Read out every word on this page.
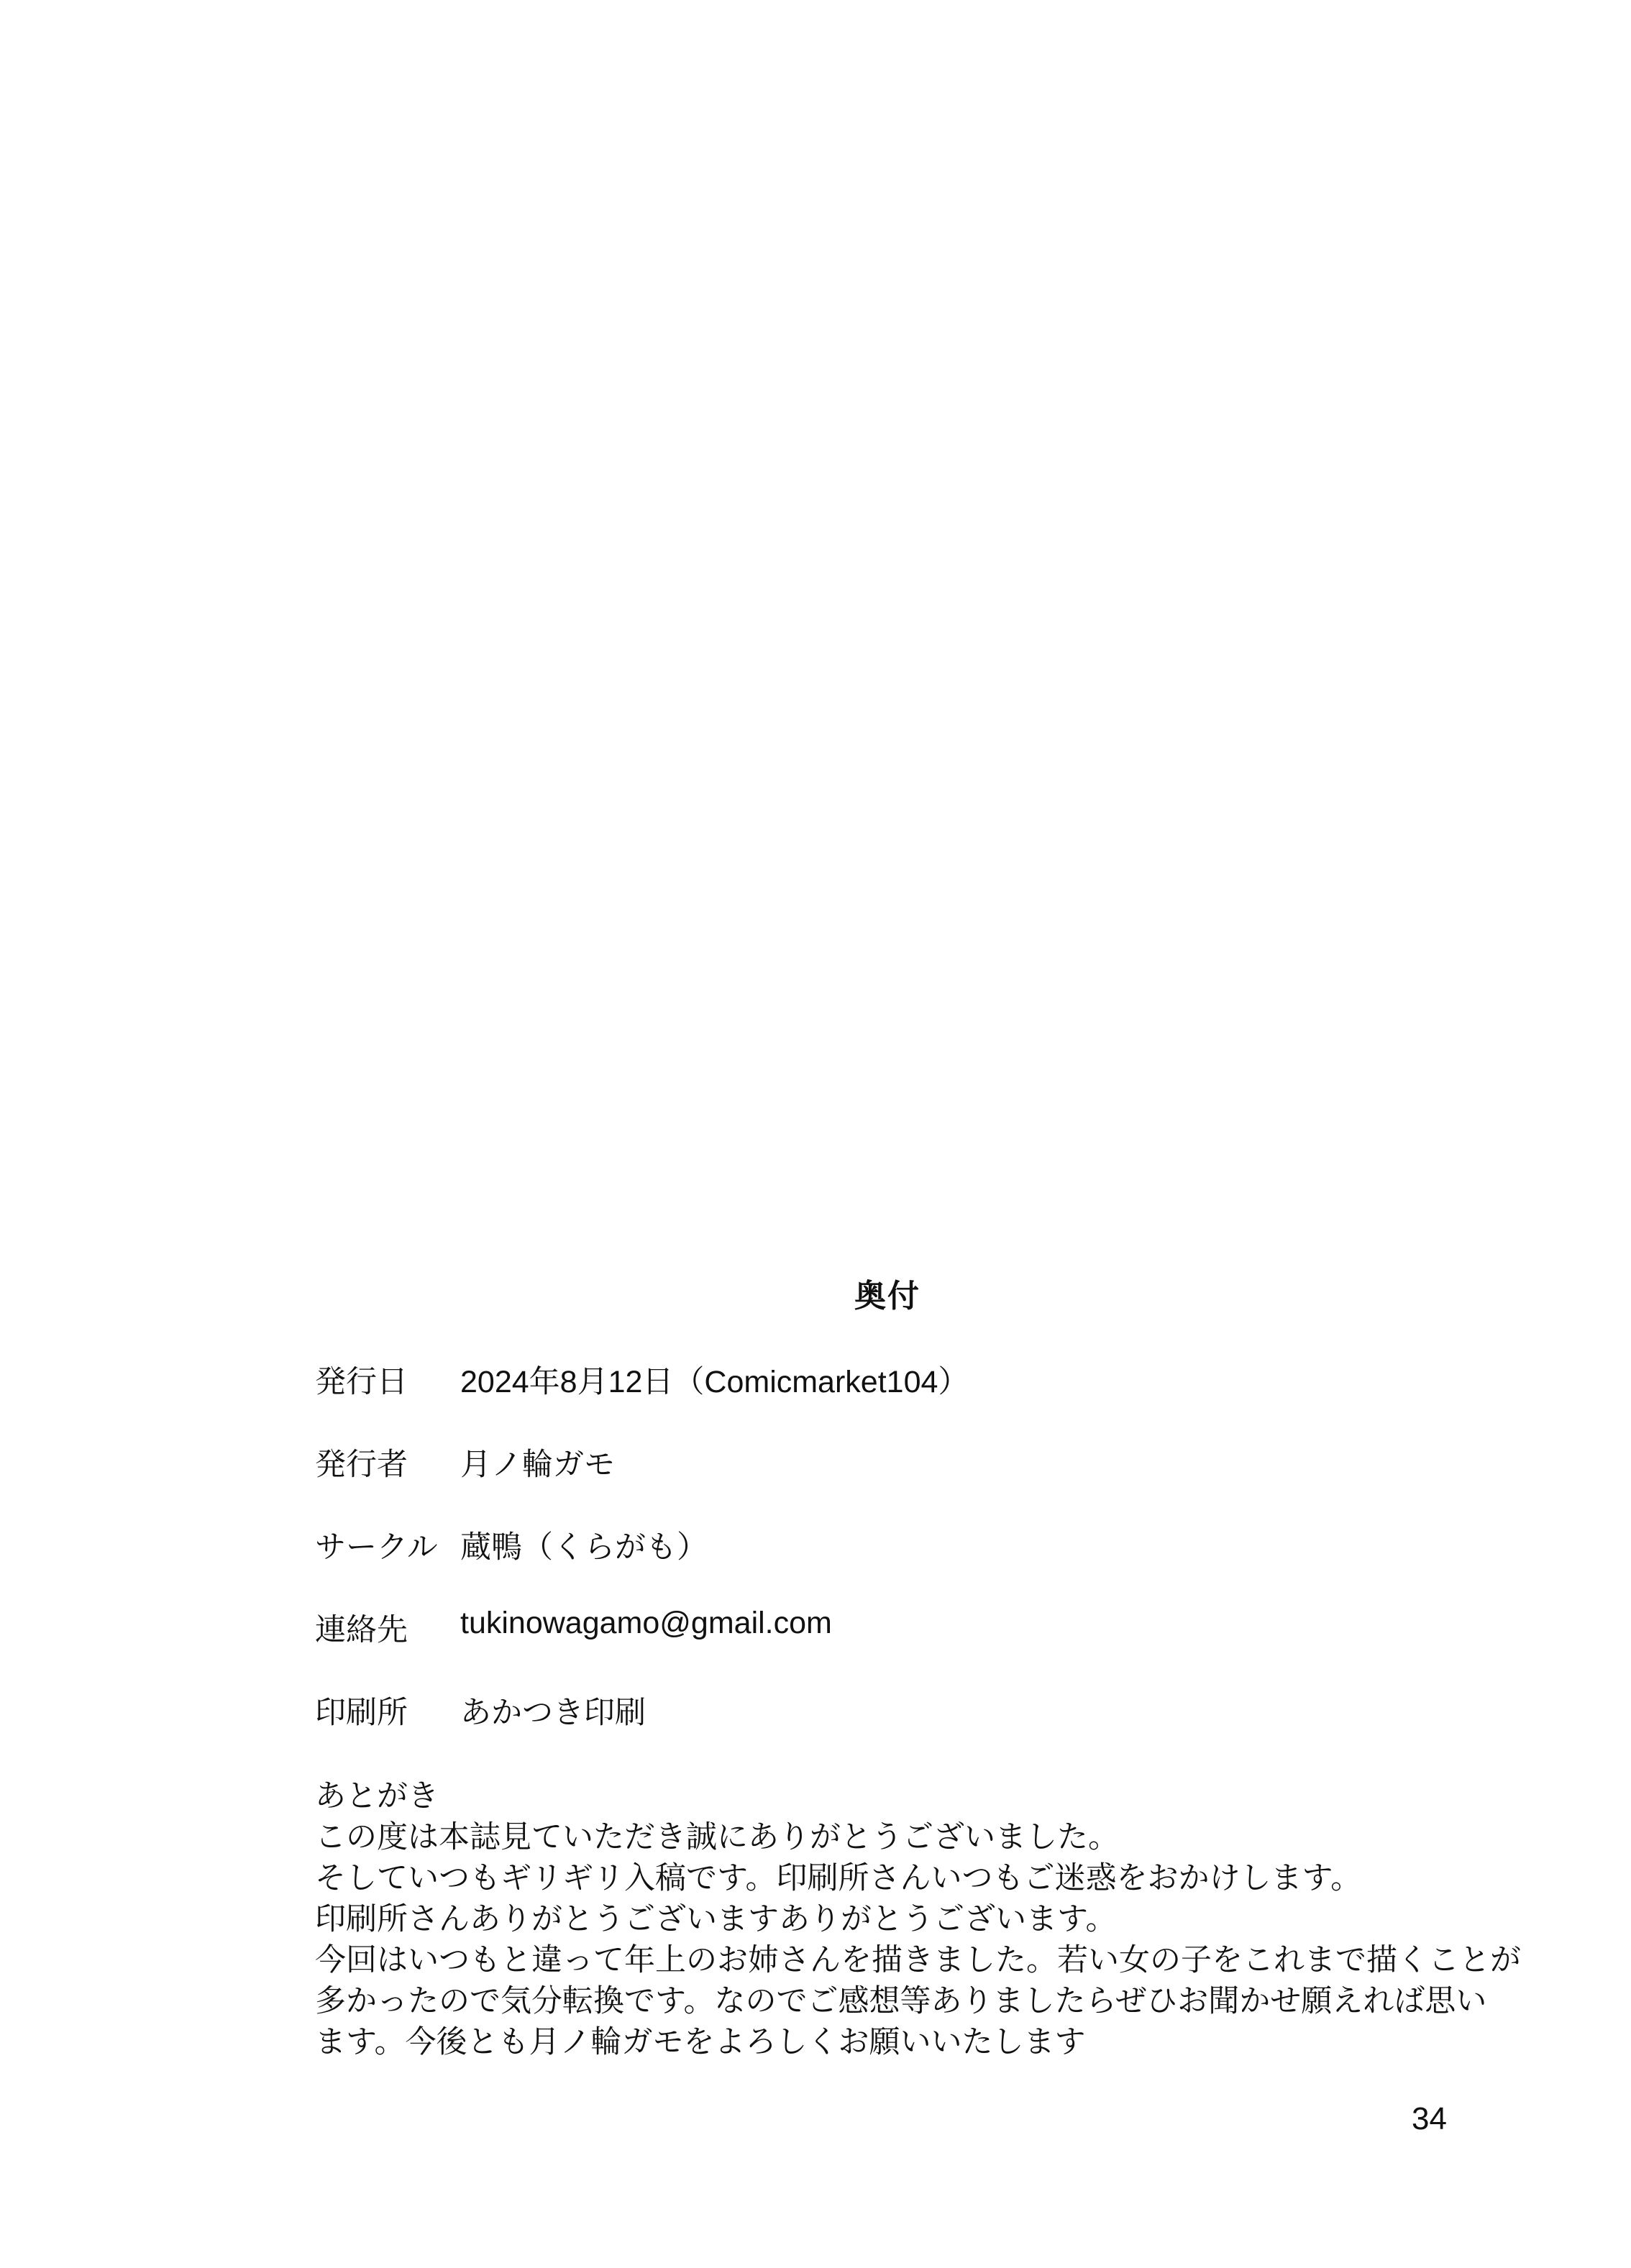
奥付
発行日	2024年8月12日（Comicmarket104）
発行者	月ノ輪ガモ
サークル 蔵鴨（くらがも）
連絡先	tukinowagamo@gmail.com
印刷所	あかつき印刷
あとがき
この度は本誌見ていただき誠にありがとうございました。
そしていつもギリギリ入稿です。印刷所さんいつもご迷惑をおかけします。
印刷所さんありがとうございますありがとうございます。
今回はいつもと違って年上のお姉さんを描きました。若い女の子をこれまで描くことが
多かったので気分転換です。なのでご感想等ありましたらぜひお聞かせ願えれば思い
ます。今後とも月ノ輪ガモをよろしくお願いいたします
34
